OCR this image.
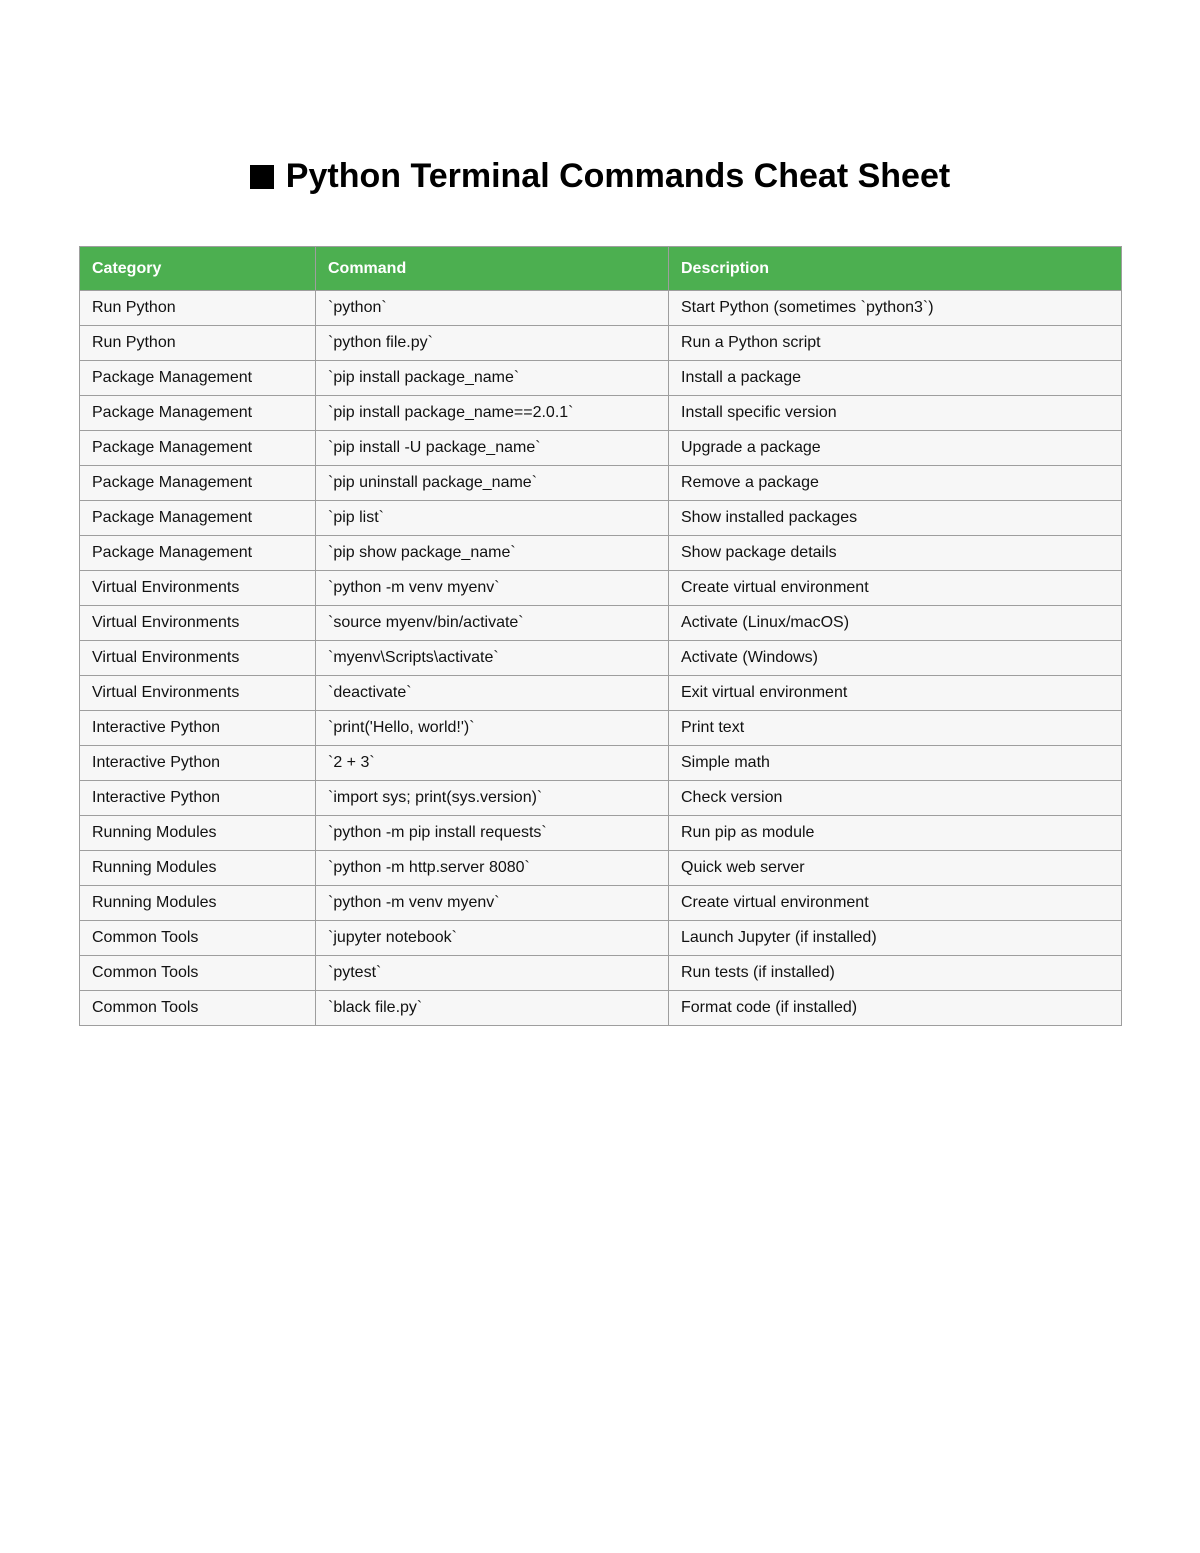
Python Terminal Commands Cheat Sheet
Category	Command	Description
Run Python	`python`	Start Python (sometimes `python3`)
Run Python	`python file.py`	Run a Python script
Package Management	`pip install package_name`	Install a package
Package Management	`pip install package_name==2.0.1`	Install specific version
Package Management	`pip install -U package_name`	Upgrade a package
Package Management	`pip uninstall package_name`	Remove a package
Package Management	`pip list`	Show installed packages
Package Management	`pip show package_name`	Show package details
Virtual Environments	`python -m venv myenv`	Create virtual environment
Virtual Environments	`source myenv/bin/activate`	Activate (Linux/macOS)
Virtual Environments	`myenv\Scripts\activate`	Activate (Windows)
Virtual Environments	`deactivate`	Exit virtual environment
Interactive Python	`print('Hello, world!')`	Print text
Interactive Python	`2 + 3`	Simple math
Interactive Python	`import sys; print(sys.version)`	Check version
Running Modules	`python -m pip install requests`	Run pip as module
Running Modules	`python -m http.server 8080`	Quick web server
Running Modules	`python -m venv myenv`	Create virtual environment
Common Tools	`jupyter notebook`	Launch Jupyter (if installed)
Common Tools	`pytest`	Run tests (if installed)
Common Tools	`black file.py`	Format code (if installed)
